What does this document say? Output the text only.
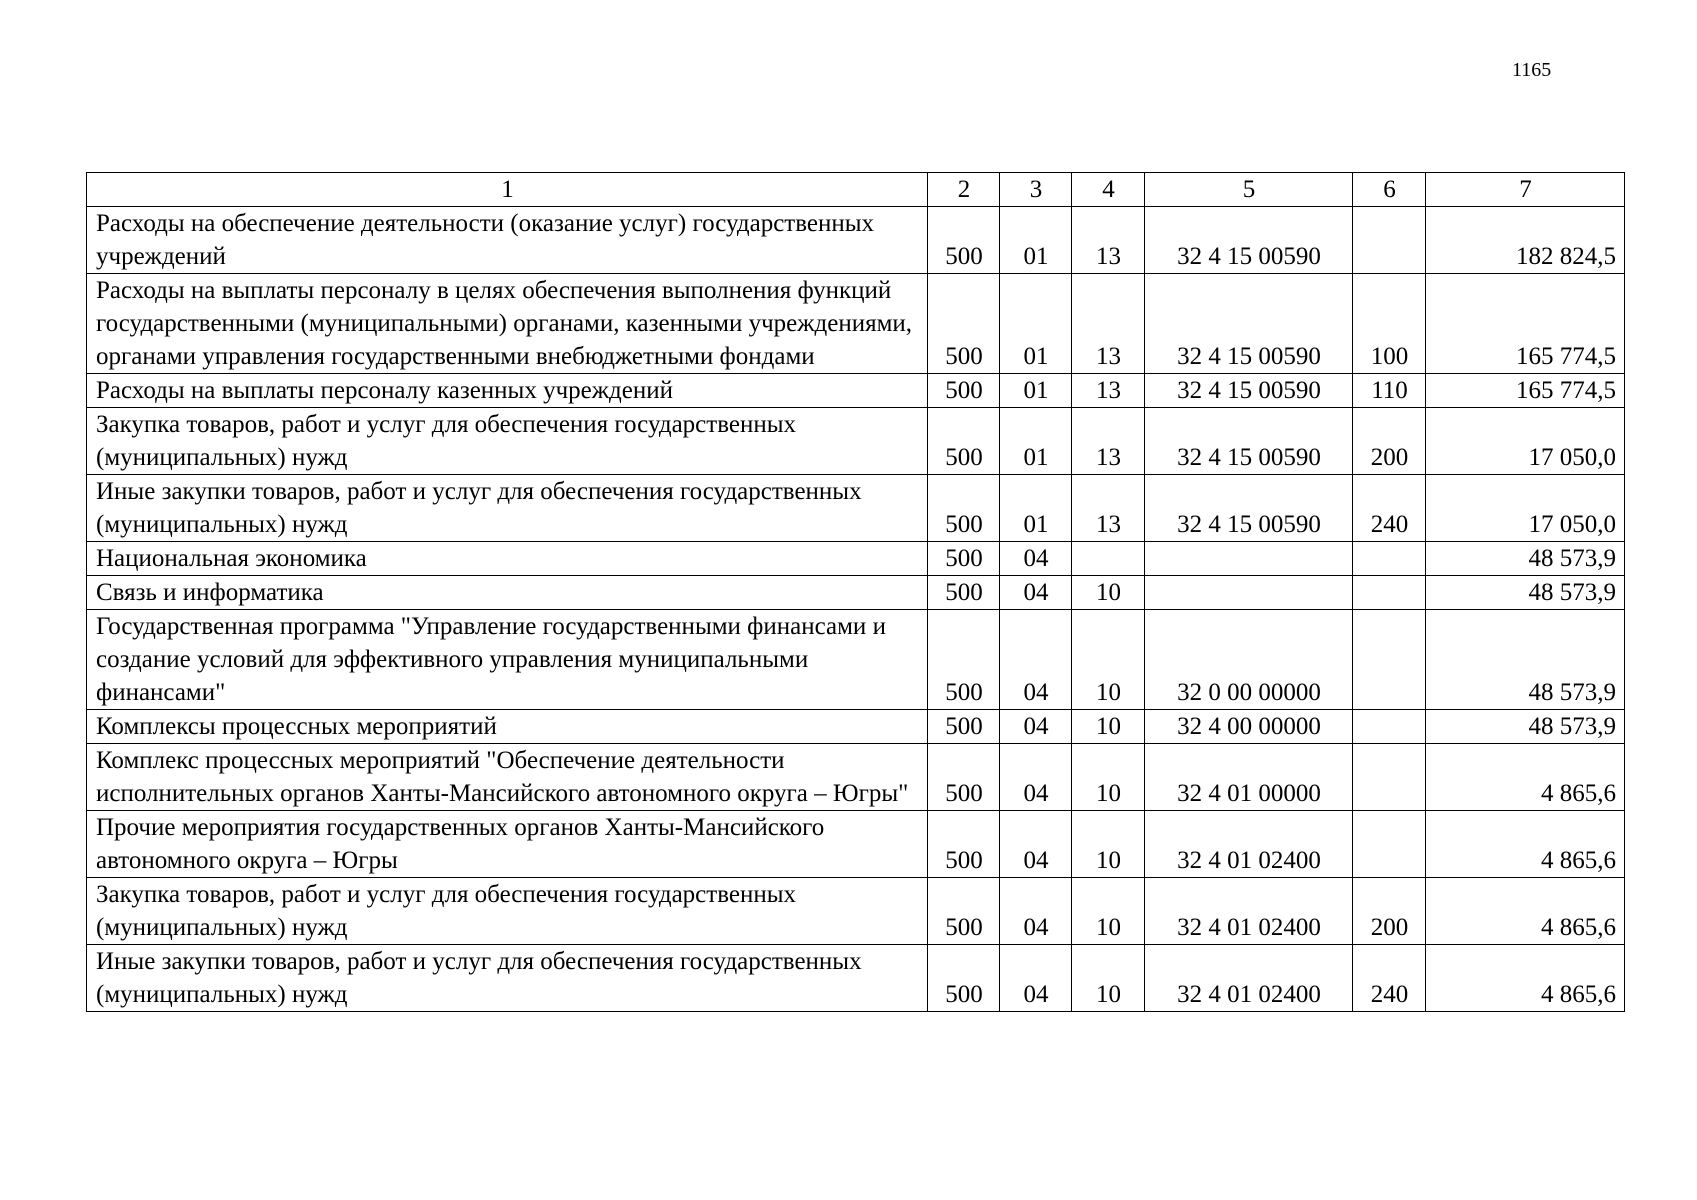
1165
1	2	3	4	5	6	7
Расходы на обеспечение деятельности (оказание услуг) государственных учреждений	500	01	13	32 4 15 00590		182 824,5
Расходы на выплаты персоналу в целях обеспечения выполнения функций государственными (муниципальными) органами, казенными учреждениями, органами управления государственными внебюджетными фондами	500	01	13	32 4 15 00590	100	165 774,5
Расходы на выплаты персоналу казенных учреждений	500	01	13	32 4 15 00590	110	165 774,5
Закупка товаров, работ и услуг для обеспечения государственных (муниципальных) нужд	500	01	13	32 4 15 00590	200	17 050,0
Иные закупки товаров, работ и услуг для обеспечения государственных (муниципальных) нужд	500	01	13	32 4 15 00590	240	17 050,0
Национальная экономика	500	04				48 573,9
Связь и информатика	500	04	10			48 573,9
Государственная программа "Управление государственными финансами и создание условий для эффективного управления муниципальными финансами"	500	04	10	32 0 00 00000		48 573,9
Комплексы процессных мероприятий	500	04	10	32 4 00 00000		48 573,9
Комплекс процессных мероприятий "Обеспечение деятельности исполнительных органов Ханты-Мансийского автономного округа – Югры"	500	04	10	32 4 01 00000		4 865,6
Прочие мероприятия государственных органов Ханты-Мансийского автономного округа – Югры	500	04	10	32 4 01 02400		4 865,6
Закупка товаров, работ и услуг для обеспечения государственных (муниципальных) нужд	500	04	10	32 4 01 02400	200	4 865,6
Иные закупки товаров, работ и услуг для обеспечения государственных (муниципальных) нужд	500	04	10	32 4 01 02400	240	4 865,6
